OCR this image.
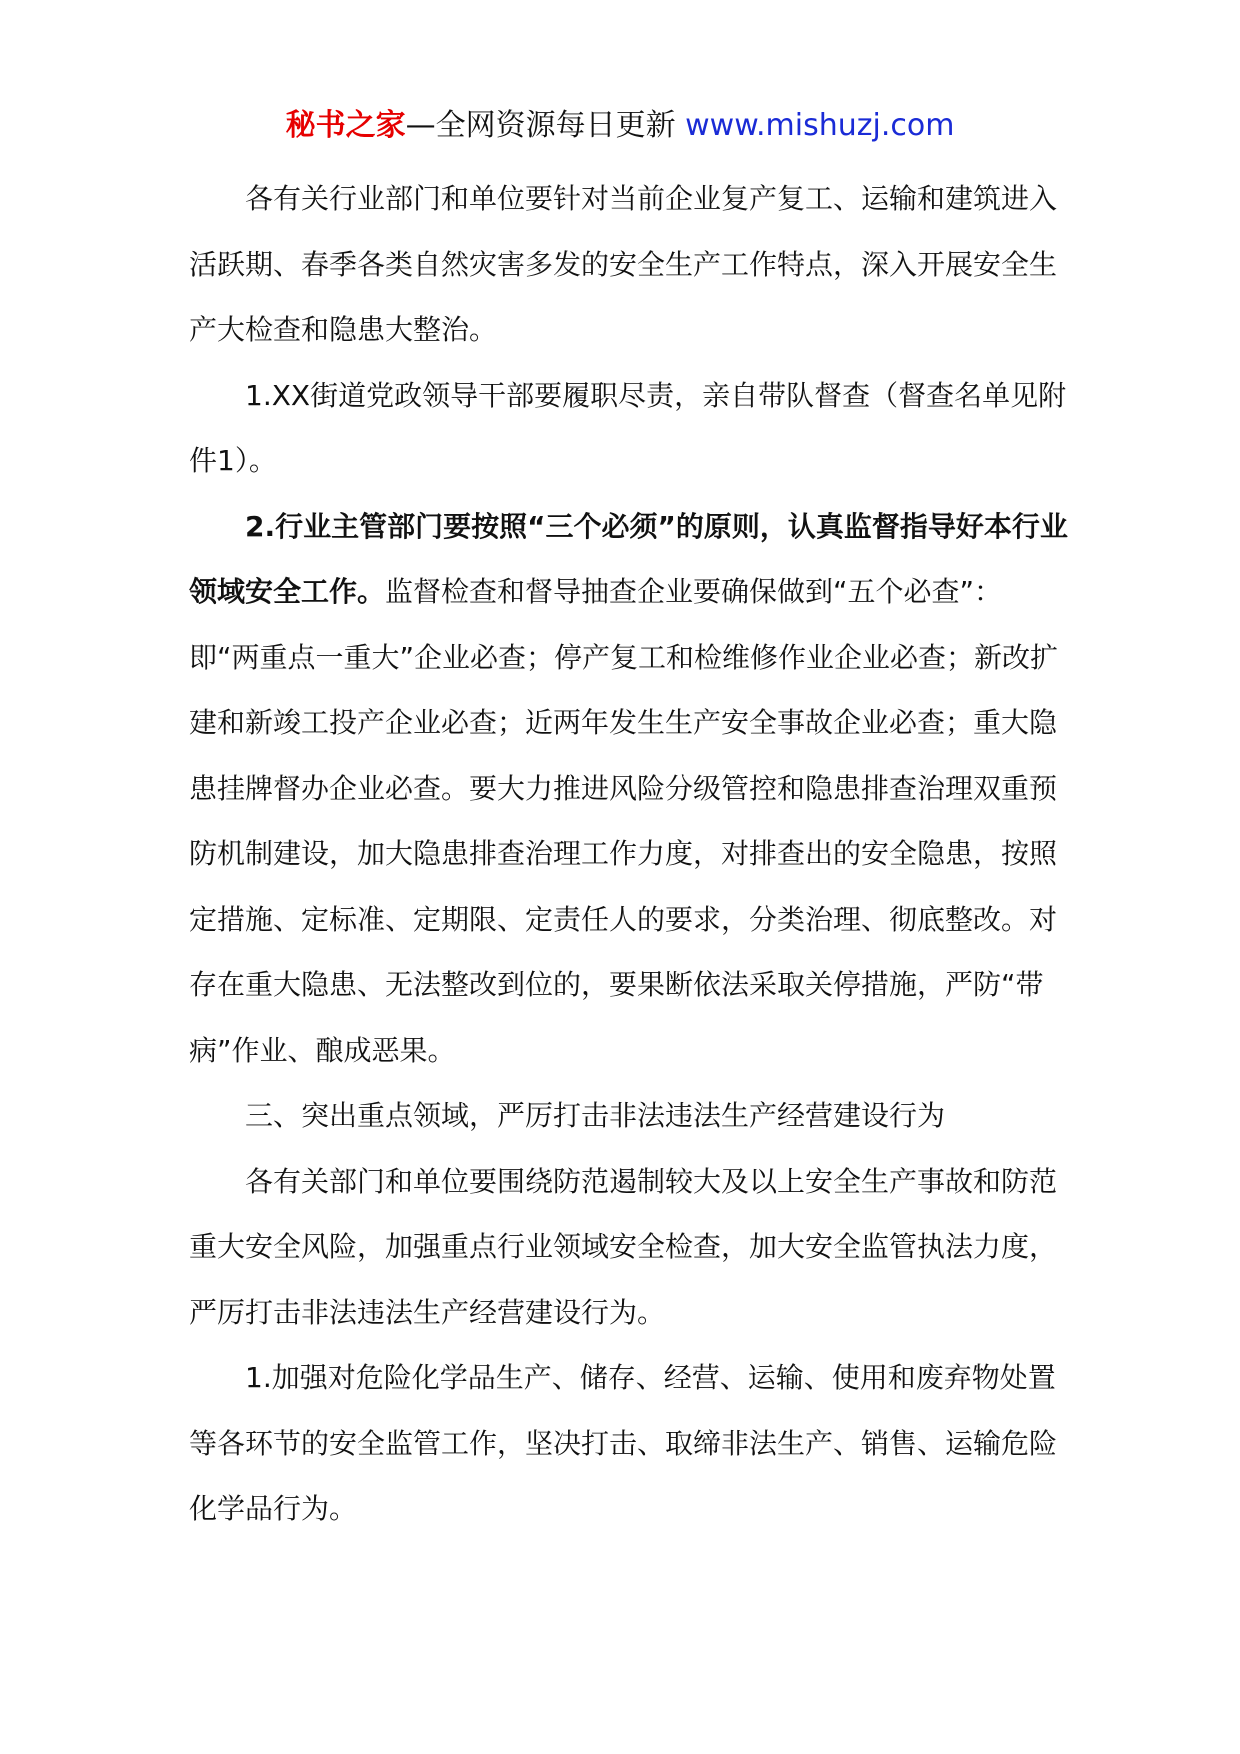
秘书之家—全网资源每日更新 www.mishuzj.com

各有关行业部门和单位要针对当前企业复产复工、运输和建筑进入活跃期、春季各类自然灾害多发的安全生产工作特点，深入开展安全生产大检查和隐患大整治。

1.XX街道党政领导干部要履职尽责，亲自带队督查（督查名单见附件1）。

2.行业主管部门要按照“三个必须”的原则，认真监督指导好本行业领域安全工作。监督检查和督导抽查企业要确保做到“五个必查”：即“两重点一重大”企业必查；停产复工和检维修作业企业必查；新改扩建和新竣工投产企业必查；近两年发生生产安全事故企业必查；重大隐患挂牌督办企业必查。要大力推进风险分级管控和隐患排查治理双重预防机制建设，加大隐患排查治理工作力度，对排查出的安全隐患，按照定措施、定标准、定期限、定责任人的要求，分类治理、彻底整改。对存在重大隐患、无法整改到位的，要果断依法采取关停措施，严防“带病”作业、酿成恶果。

三、突出重点领域，严厉打击非法违法生产经营建设行为

各有关部门和单位要围绕防范遏制较大及以上安全生产事故和防范重大安全风险，加强重点行业领域安全检查，加大安全监管执法力度，严厉打击非法违法生产经营建设行为。

1.加强对危险化学品生产、储存、经营、运输、使用和废弃物处置等各环节的安全监管工作，坚决打击、取缔非法生产、销售、运输危险化学品行为。
